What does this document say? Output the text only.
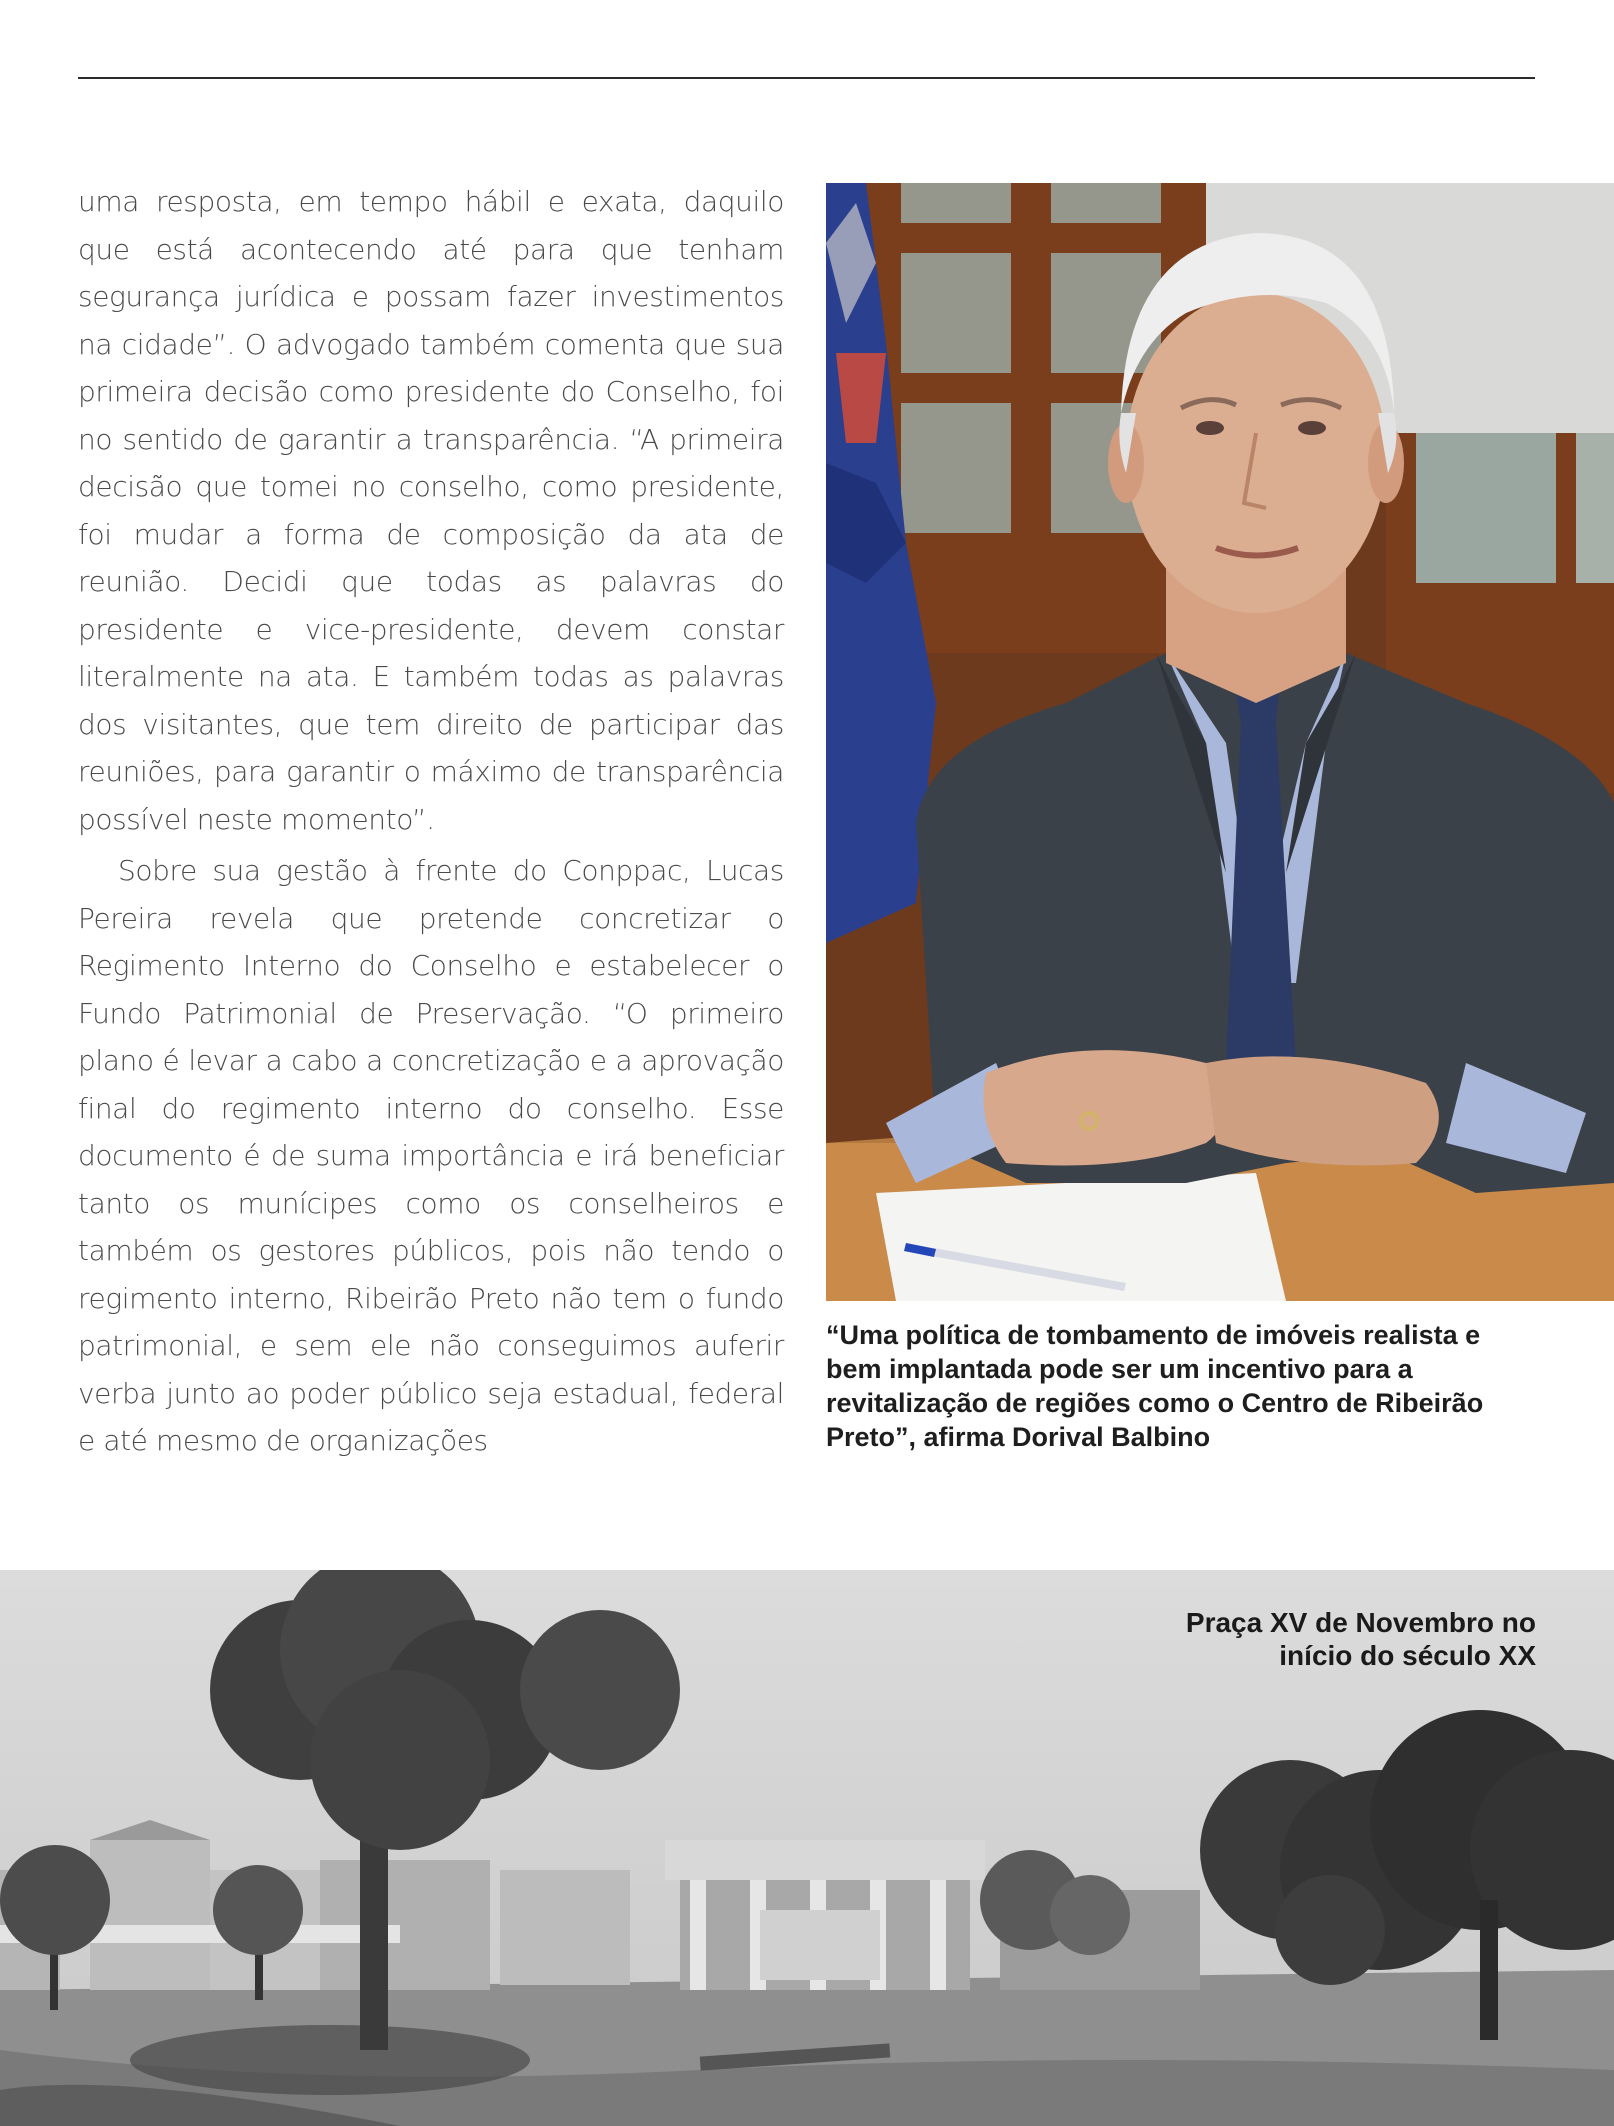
uma resposta, em tempo hábil e exata, daquilo que está acontecendo até para que tenham segurança jurídica e possam fazer investimentos na cidade”. O advogado também comenta que sua primeira decisão como presidente do Conselho, foi no sentido de garantir a transparência. “A primeira decisão que tomei no conselho, como presidente, foi mudar a forma de composição da ata de reunião. Decidi que todas as palavras do presidente e vice-presidente, devem constar literalmente na ata. E também todas as palavras dos visitantes, que tem direito de participar das reuniões, para garantir o máximo de transparência possível neste momento”.

Sobre sua gestão à frente do Conppac, Lucas Pereira revela que pretende concretizar o Regimento Interno do Conselho e estabelecer o Fundo Patrimonial de Preservação. “O primeiro plano é levar a cabo a concretização e a aprovação final do regimento interno do conselho. Esse documento é de suma importância e irá beneficiar tanto os munícipes como os conselheiros e também os gestores públicos, pois não tendo o regimento interno, Ribeirão Preto não tem o fundo patrimonial, e sem ele não conseguimos auferir verba junto ao poder público seja estadual, federal e até mesmo de organizações

“Uma política de tombamento de imóveis realista e bem implantada pode ser um incentivo para a revitalização de regiões como o Centro de Ribeirão Preto”, afirma Dorival Balbino
Praça XV de Novembro no
início do século XX
